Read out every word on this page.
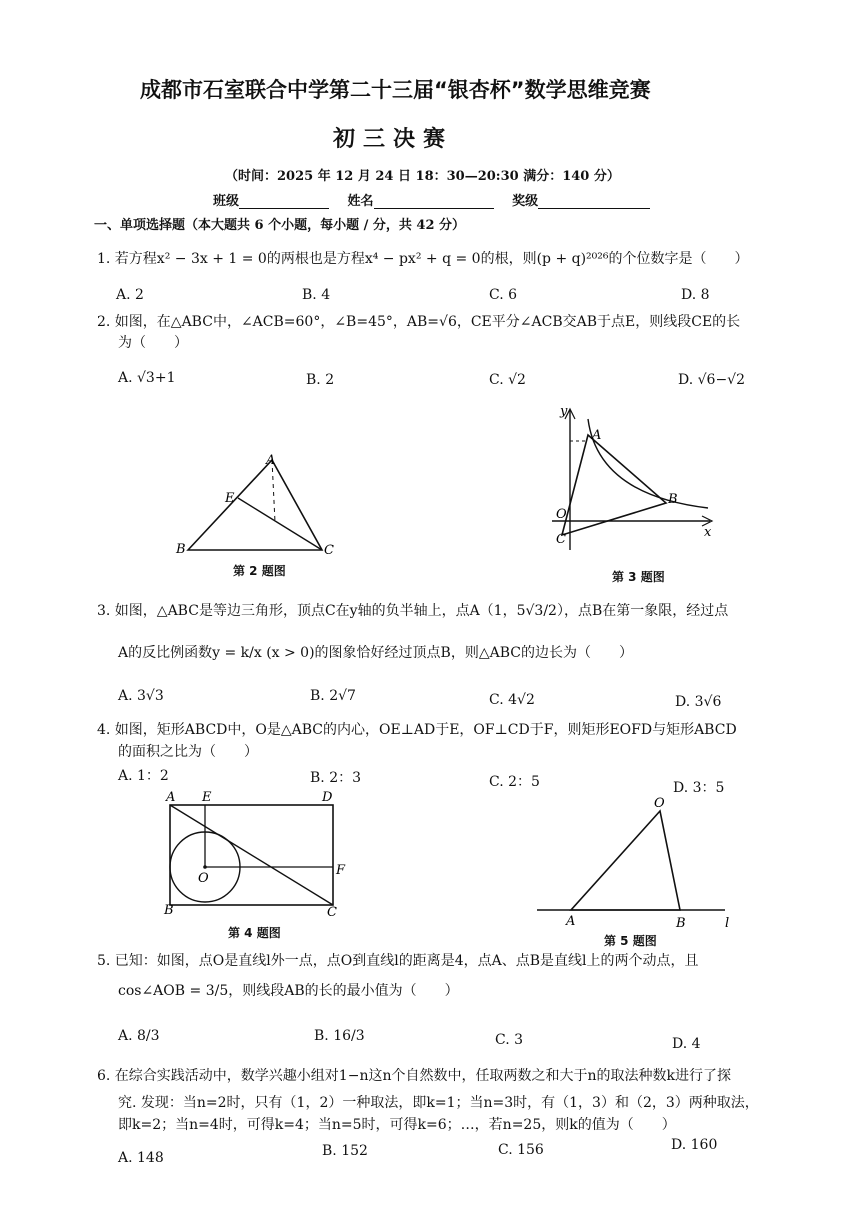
成都市石室联合中学第二十三届“银杏杯”数学思维竞赛
初三决赛
（时间：2025 年 12 月 24 日 18：30—20:30 满分：140 分）
班级	姓名	奖级
一、单项选择题（本大题共 6 个小题，每小题 / 分，共 42 分）
1. 若方程x² − 3x + 1 = 0的两根也是方程x⁴ − px² + q = 0的根，则(p + q)²⁰²⁶的个位数字是（　　）
A. 2	B. 4	C. 6	D. 8
2. 如图，在△ABC中，∠ACB=60°，∠B=45°，AB=√6，CE平分∠ACB交AB于点E，则线段CE的长
为（　　）
A. √3+1	B. 2	C. √2	D. √6−√2
A
E
B	C
第 2 题图
y
A
B
O
x
C
第 3 题图
3. 如图，△ABC是等边三角形，顶点C在y轴的负半轴上，点A（1，5√3/2），点B在第一象限，经过点
A的反比例函数y = k/x (x > 0)的图象恰好经过顶点B，则△ABC的边长为（　　）
A. 3√3	B. 2√7	C. 4√2	D. 3√6
4. 如图，矩形ABCD中，O是△ABC的内心，OE⊥AD于E，OF⊥CD于F，则矩形EOFD与矩形ABCD
的面积之比为（　　）
A. 1：2	B. 2：3	C. 2：5	D. 3：5
A E	D
O
F
B	C
第 4 题图
O
A	B	l
第 5 题图
5. 已知：如图，点O是直线l外一点，点O到直线l的距离是4，点A、点B是直线l上的两个动点，且
cos∠AOB = 3/5，则线段AB的长的最小值为（　　）
A. 8/3	B. 16/3	C. 3	D. 4
6. 在综合实践活动中，数学兴趣小组对1−n这n个自然数中，任取两数之和大于n的取法种数k进行了探
究. 发现：当n=2时，只有（1，2）一种取法，即k=1；当n=3时，有（1，3）和（2，3）两种取法，
即k=2；当n=4时，可得k=4；当n=5时，可得k=6；…，若n=25，则k的值为（　　）
A. 148	B. 152	C. 156	D. 160
